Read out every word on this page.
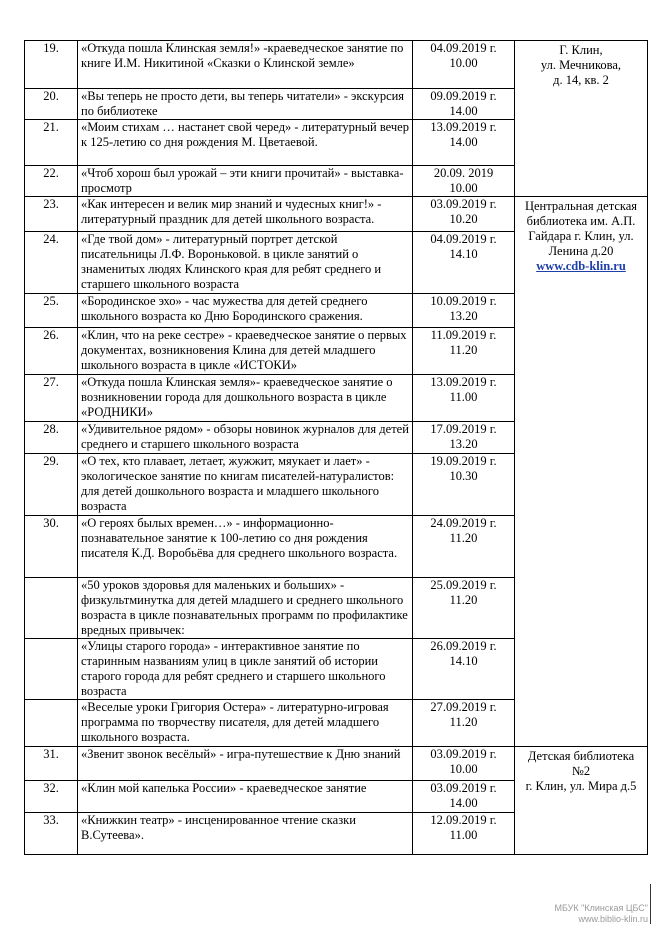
19.	«Откуда пошла Клинская земля!» -краеведческое занятие по книге И.М. Никитиной «Сказки о Клинской земле»	04.09.2019 г.
10.00	Г. Клин,
ул. Мечникова,
д. 14, кв. 2

20.	«Вы теперь не просто дети, вы теперь читатели» - экскурсия по библиотеке	09.09.2019 г.
14.00	

21.	«Моим стихам … настанет свой черед» - литературный вечер к 125-летию со дня рождения М. Цветаевой.	13.09.2019 г.
14.00	

22.	«Чтоб хорош был урожай – эти книги прочитай» - выставка-просмотр	20.09. 2019
10.00	

23.	«Как интересен и велик мир знаний и чудесных книг!» - литературный праздник для детей школьного возраста.	03.09.2019 г.
10.20	Центральная детская библиотека им. А.П. Гайдара г. Клин, ул. Ленина д.20
www.cdb-klin.ru

24.	«Где твой дом» - литературный портрет детской писательницы Л.Ф. Вороньковой. в цикле занятий о знаменитых людях Клинского края для ребят среднего и старшего школьного возраста	04.09.2019 г.
14.10	

25.	«Бородинское эхо» - час мужества для детей среднего школьного возраста ко Дню Бородинского сражения.	10.09.2019 г.
13.20	

26.	«Клин, что на реке сестре» - краеведческое занятие о первых документах, возникновения Клина для детей младшего школьного возраста в цикле «ИСТОКИ»	11.09.2019 г.
11.20	

27.	«Откуда пошла Клинская земля»- краеведческое занятие о возникновении города для дошкольного возраста в цикле «РОДНИКИ»	13.09.2019 г.
11.00	

28.	«Удивительное рядом» - обзоры новинок журналов для детей среднего и старшего школьного возраста	17.09.2019 г.
13.20	

29.	«О тех, кто плавает, летает, жужжит, мяукает и лает» - экологическое занятие по книгам писателей-натуралистов: для детей дошкольного возраста и младшего школьного возраста	19.09.2019 г.
10.30	

30.	«О героях былых времен…» - информационно-познавательное занятие к 100-летию со дня рождения писателя К.Д. Воробьёва для среднего школьного возраста.	24.09.2019 г.
11.20	

	«50 уроков здоровья для маленьких и больших» - физкультминутка для детей младшего и среднего школьного возраста в цикле познавательных программ по профилактике вредных привычек:	25.09.2019 г.
11.20	

	«Улицы старого города» - интерактивное занятие по старинным названиям улиц в цикле занятий об истории старого города для ребят среднего и старшего школьного возраста	26.09.2019 г.
14.10	

	«Веселые уроки Григория Остера» - литературно-игровая программа по творчеству писателя, для детей младшего школьного возраста.	27.09.2019 г.
11.20	

31.	«Звенит звонок весёлый» - игра-путешествие к Дню знаний	03.09.2019 г.
10.00	Детская библиотека №2
г. Клин, ул. Мира д.5

32.	«Клин мой капелька России» - краеведческое занятие	03.09.2019 г.
14.00	

33.	«Книжкин театр» - инсценированное чтение сказки В.Сутеева».	12.09.2019 г.
11.00	
МБУК "Клинская ЦБС"
www.biblio-klin.ru
